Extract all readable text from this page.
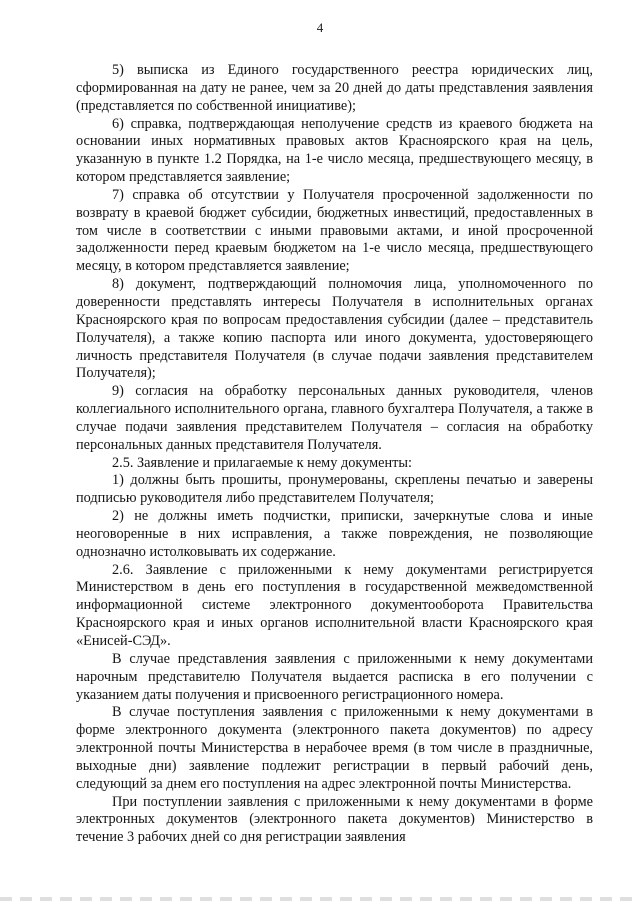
4

5) выписка из Единого государственного реестра юридических лиц, сформированная на дату не ранее, чем за 20 дней до даты представления заявления (представляется по собственной инициативе);

6) справка, подтверждающая неполучение средств из краевого бюджета на основании иных нормативных правовых актов Красноярского края на цель, указанную в пункте 1.2 Порядка, на 1-е число месяца, предшествующего месяцу, в котором представляется заявление;

7) справка об отсутствии у Получателя просроченной задолженности по возврату в краевой бюджет субсидии, бюджетных инвестиций, предоставленных в том числе в соответствии с иными правовыми актами, и иной просроченной задолженности перед краевым бюджетом на 1-е число месяца, предшествующего месяцу, в котором представляется заявление;

8) документ, подтверждающий полномочия лица, уполномоченного по доверенности представлять интересы Получателя в исполнительных органах Красноярского края по вопросам предоставления субсидии (далее – представитель Получателя), а также копию паспорта или иного документа, удостоверяющего личность представителя Получателя (в случае подачи заявления представителем Получателя);

9) согласия на обработку персональных данных руководителя, членов коллегиального исполнительного органа, главного бухгалтера Получателя, а также в случае подачи заявления представителем Получателя – согласия на обработку персональных данных представителя Получателя.

2.5. Заявление и прилагаемые к нему документы:

1) должны быть прошиты, пронумерованы, скреплены печатью и заверены подписью руководителя либо представителем Получателя;

2) не должны иметь подчистки, приписки, зачеркнутые слова и иные неоговоренные в них исправления, а также повреждения, не позволяющие однозначно истолковывать их содержание.

2.6. Заявление с приложенными к нему документами регистрируется Министерством в день его поступления в государственной межведомственной информационной системе электронного документооборота Правительства Красноярского края и иных органов исполнительной власти Красноярского края «Енисей-СЭД».

В случае представления заявления с приложенными к нему документами нарочным представителю Получателя выдается расписка в его получении с указанием даты получения и присвоенного регистрационного номера.

В случае поступления заявления с приложенными к нему документами в форме электронного документа (электронного пакета документов) по адресу электронной почты Министерства в нерабочее время (в том числе в праздничные, выходные дни) заявление подлежит регистрации в первый рабочий день, следующий за днем его поступления на адрес электронной почты Министерства.

При поступлении заявления с приложенными к нему документами в форме электронных документов (электронного пакета документов) Министерство в течение 3 рабочих дней со дня регистрации заявления
